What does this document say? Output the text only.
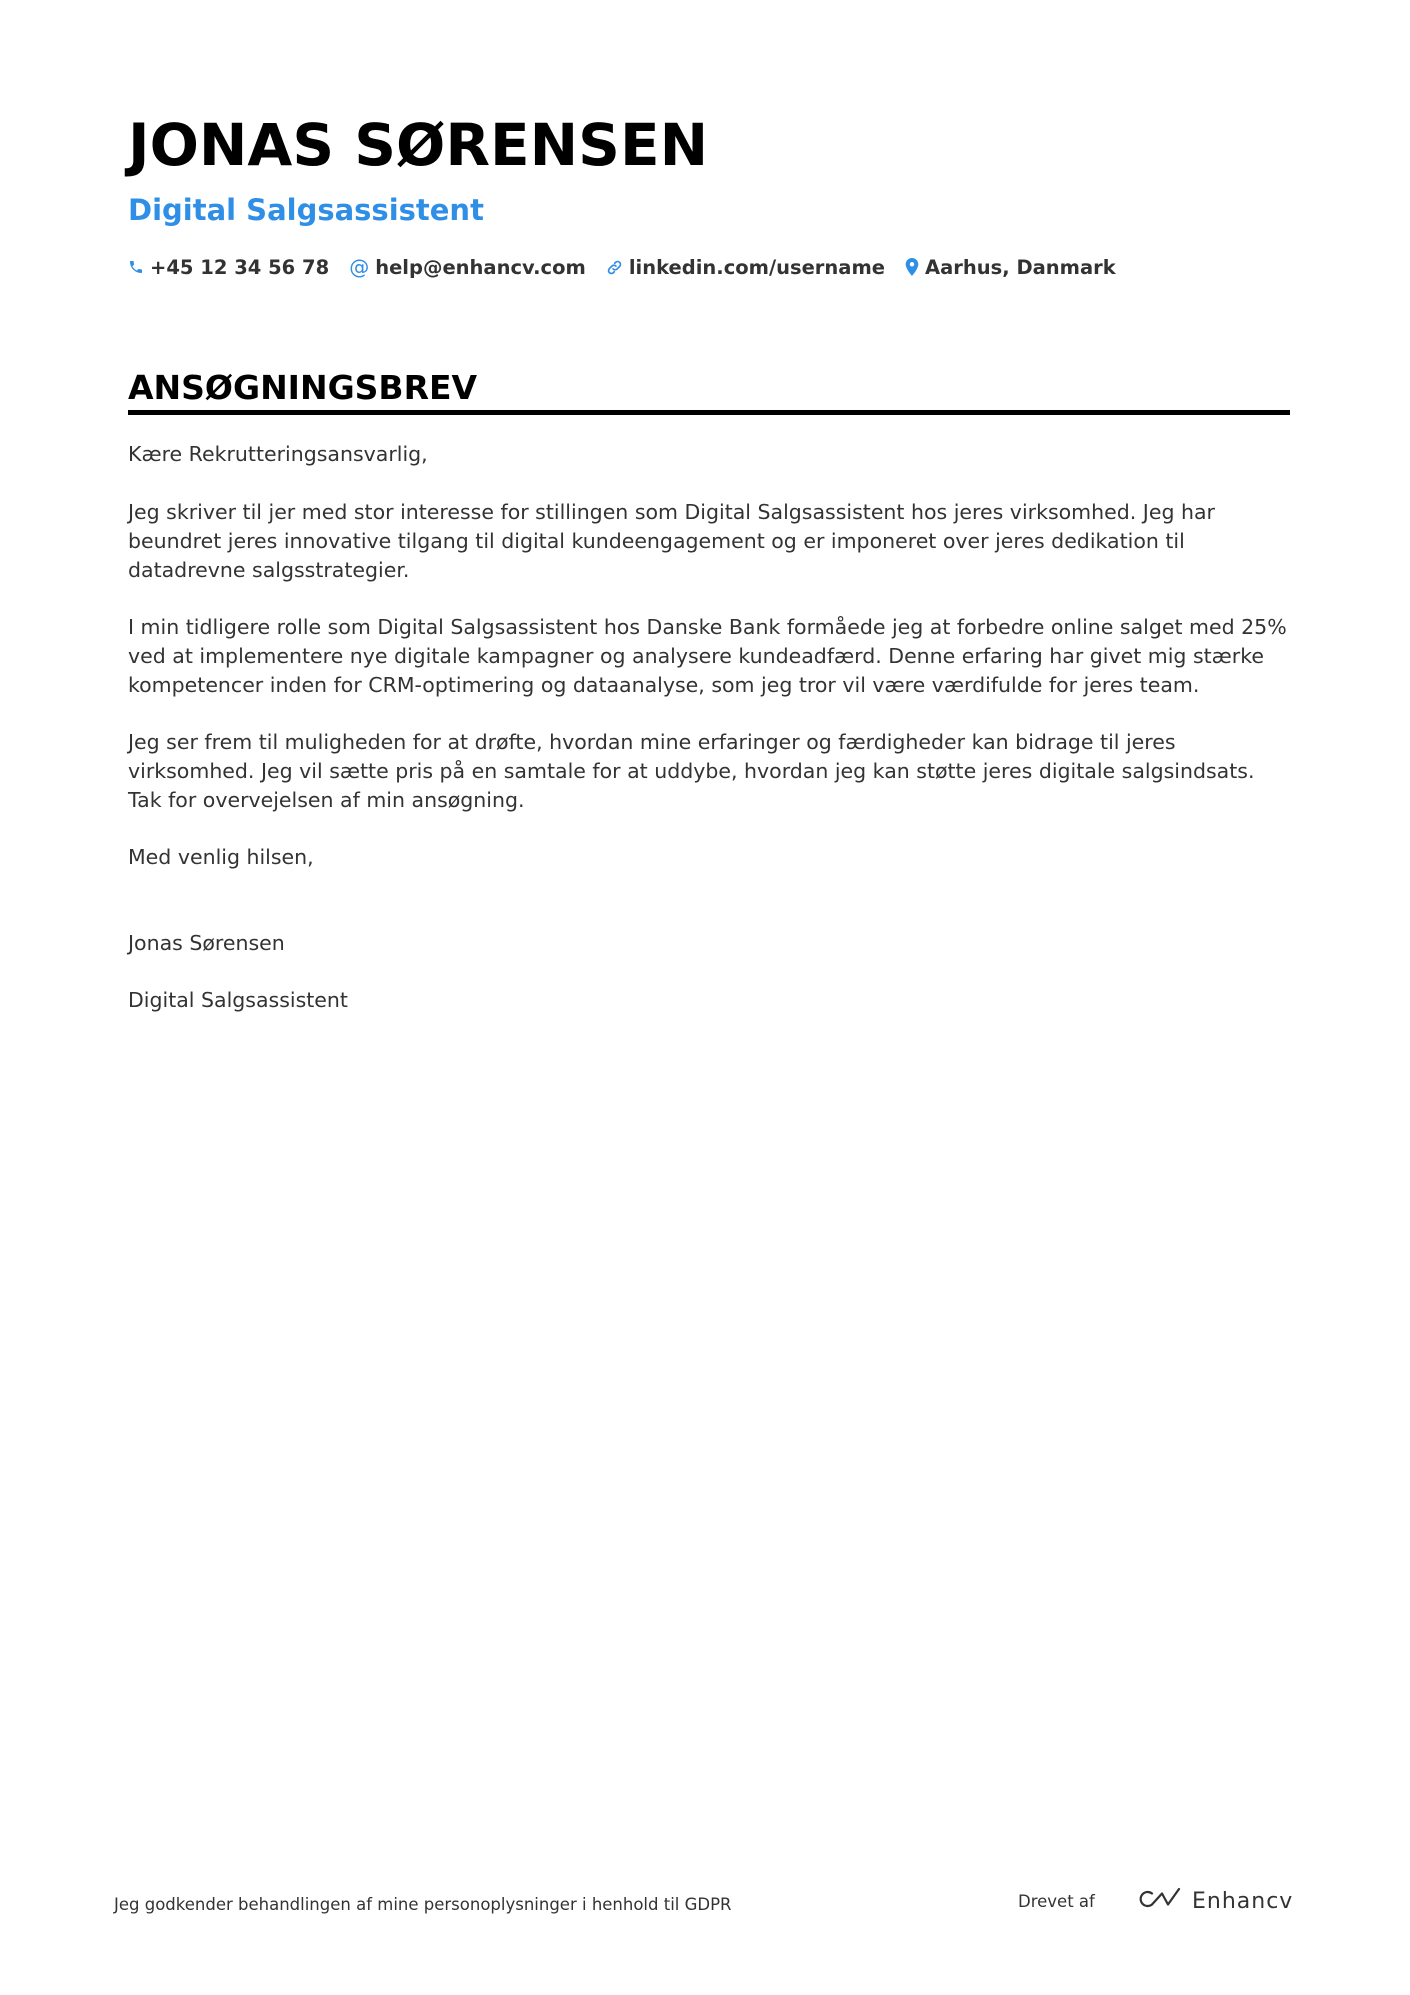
JONAS SØRENSEN
Digital Salgsassistent
+45 12 34 56 78 @ help@enhancv.com linkedin.com/username Aarhus, Danmark
ANSØGNINGSBREV

Kære Rekrutteringsansvarlig,

Jeg skriver til jer med stor interesse for stillingen som Digital Salgsassistent hos jeres virksomhed. Jeg har beundret jeres innovative tilgang til digital kundeengagement og er imponeret over jeres dedikation til datadrevne salgsstrategier.

I min tidligere rolle som Digital Salgsassistent hos Danske Bank formåede jeg at forbedre online salget med 25% ved at implementere nye digitale kampagner og analysere kundeadfærd. Denne erfaring har givet mig stærke kompetencer inden for CRM-optimering og dataanalyse, som jeg tror vil være værdifulde for jeres team.

Jeg ser frem til muligheden for at drøfte, hvordan mine erfaringer og færdigheder kan bidrage til jeres virksomhed. Jeg vil sætte pris på en samtale for at uddybe, hvordan jeg kan støtte jeres digitale salgsindsats. Tak for overvejelsen af min ansøgning.

Med venlig hilsen,

Jonas Sørensen

Digital Salgsassistent

Jeg godkender behandlingen af mine personoplysninger i henhold til GDPR	Drevet af	Enhancv
